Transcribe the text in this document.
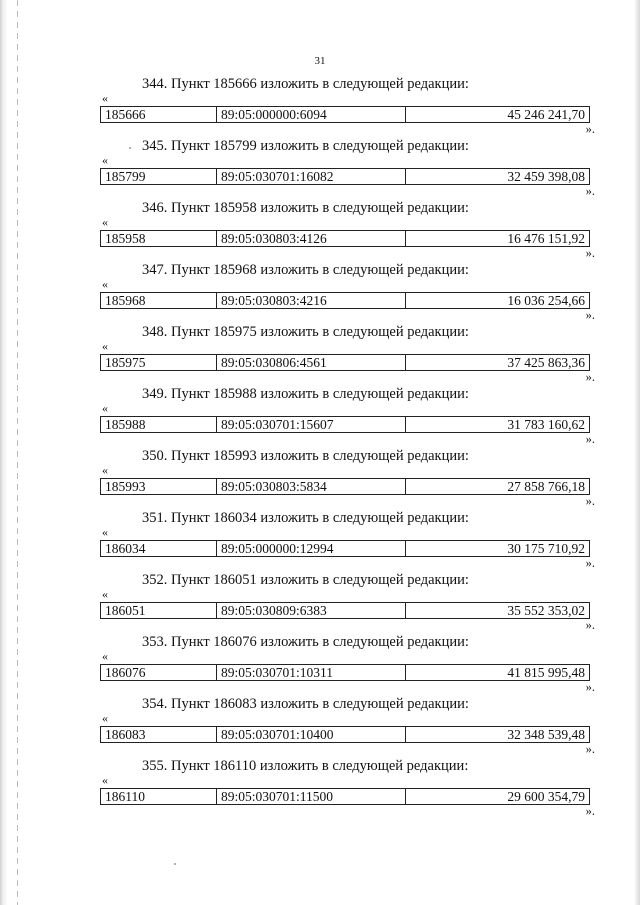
31
344. Пункт 185666 изложить в следующей редакции:
«
185666	89:05:000000:6094	45 246 241,70
».
345. Пункт 185799 изложить в следующей редакции:
«
185799	89:05:030701:16082	32 459 398,08
».
346. Пункт 185958 изложить в следующей редакции:
«
185958	89:05:030803:4126	16 476 151,92
».
347. Пункт 185968 изложить в следующей редакции:
«
185968	89:05:030803:4216	16 036 254,66
».
348. Пункт 185975 изложить в следующей редакции:
«
185975	89:05:030806:4561	37 425 863,36
».
349. Пункт 185988 изложить в следующей редакции:
«
185988	89:05:030701:15607	31 783 160,62
».
350. Пункт 185993 изложить в следующей редакции:
«
185993	89:05:030803:5834	27 858 766,18
».
351. Пункт 186034 изложить в следующей редакции:
«
186034	89:05:000000:12994	30 175 710,92
».
352. Пункт 186051 изложить в следующей редакции:
«
186051	89:05:030809:6383	35 552 353,02
».
353. Пункт 186076 изложить в следующей редакции:
«
186076	89:05:030701:10311	41 815 995,48
».
354. Пункт 186083 изложить в следующей редакции:
«
186083	89:05:030701:10400	32 348 539,48
».
355. Пункт 186110 изложить в следующей редакции:
«
186110	89:05:030701:11500	29 600 354,79
».
